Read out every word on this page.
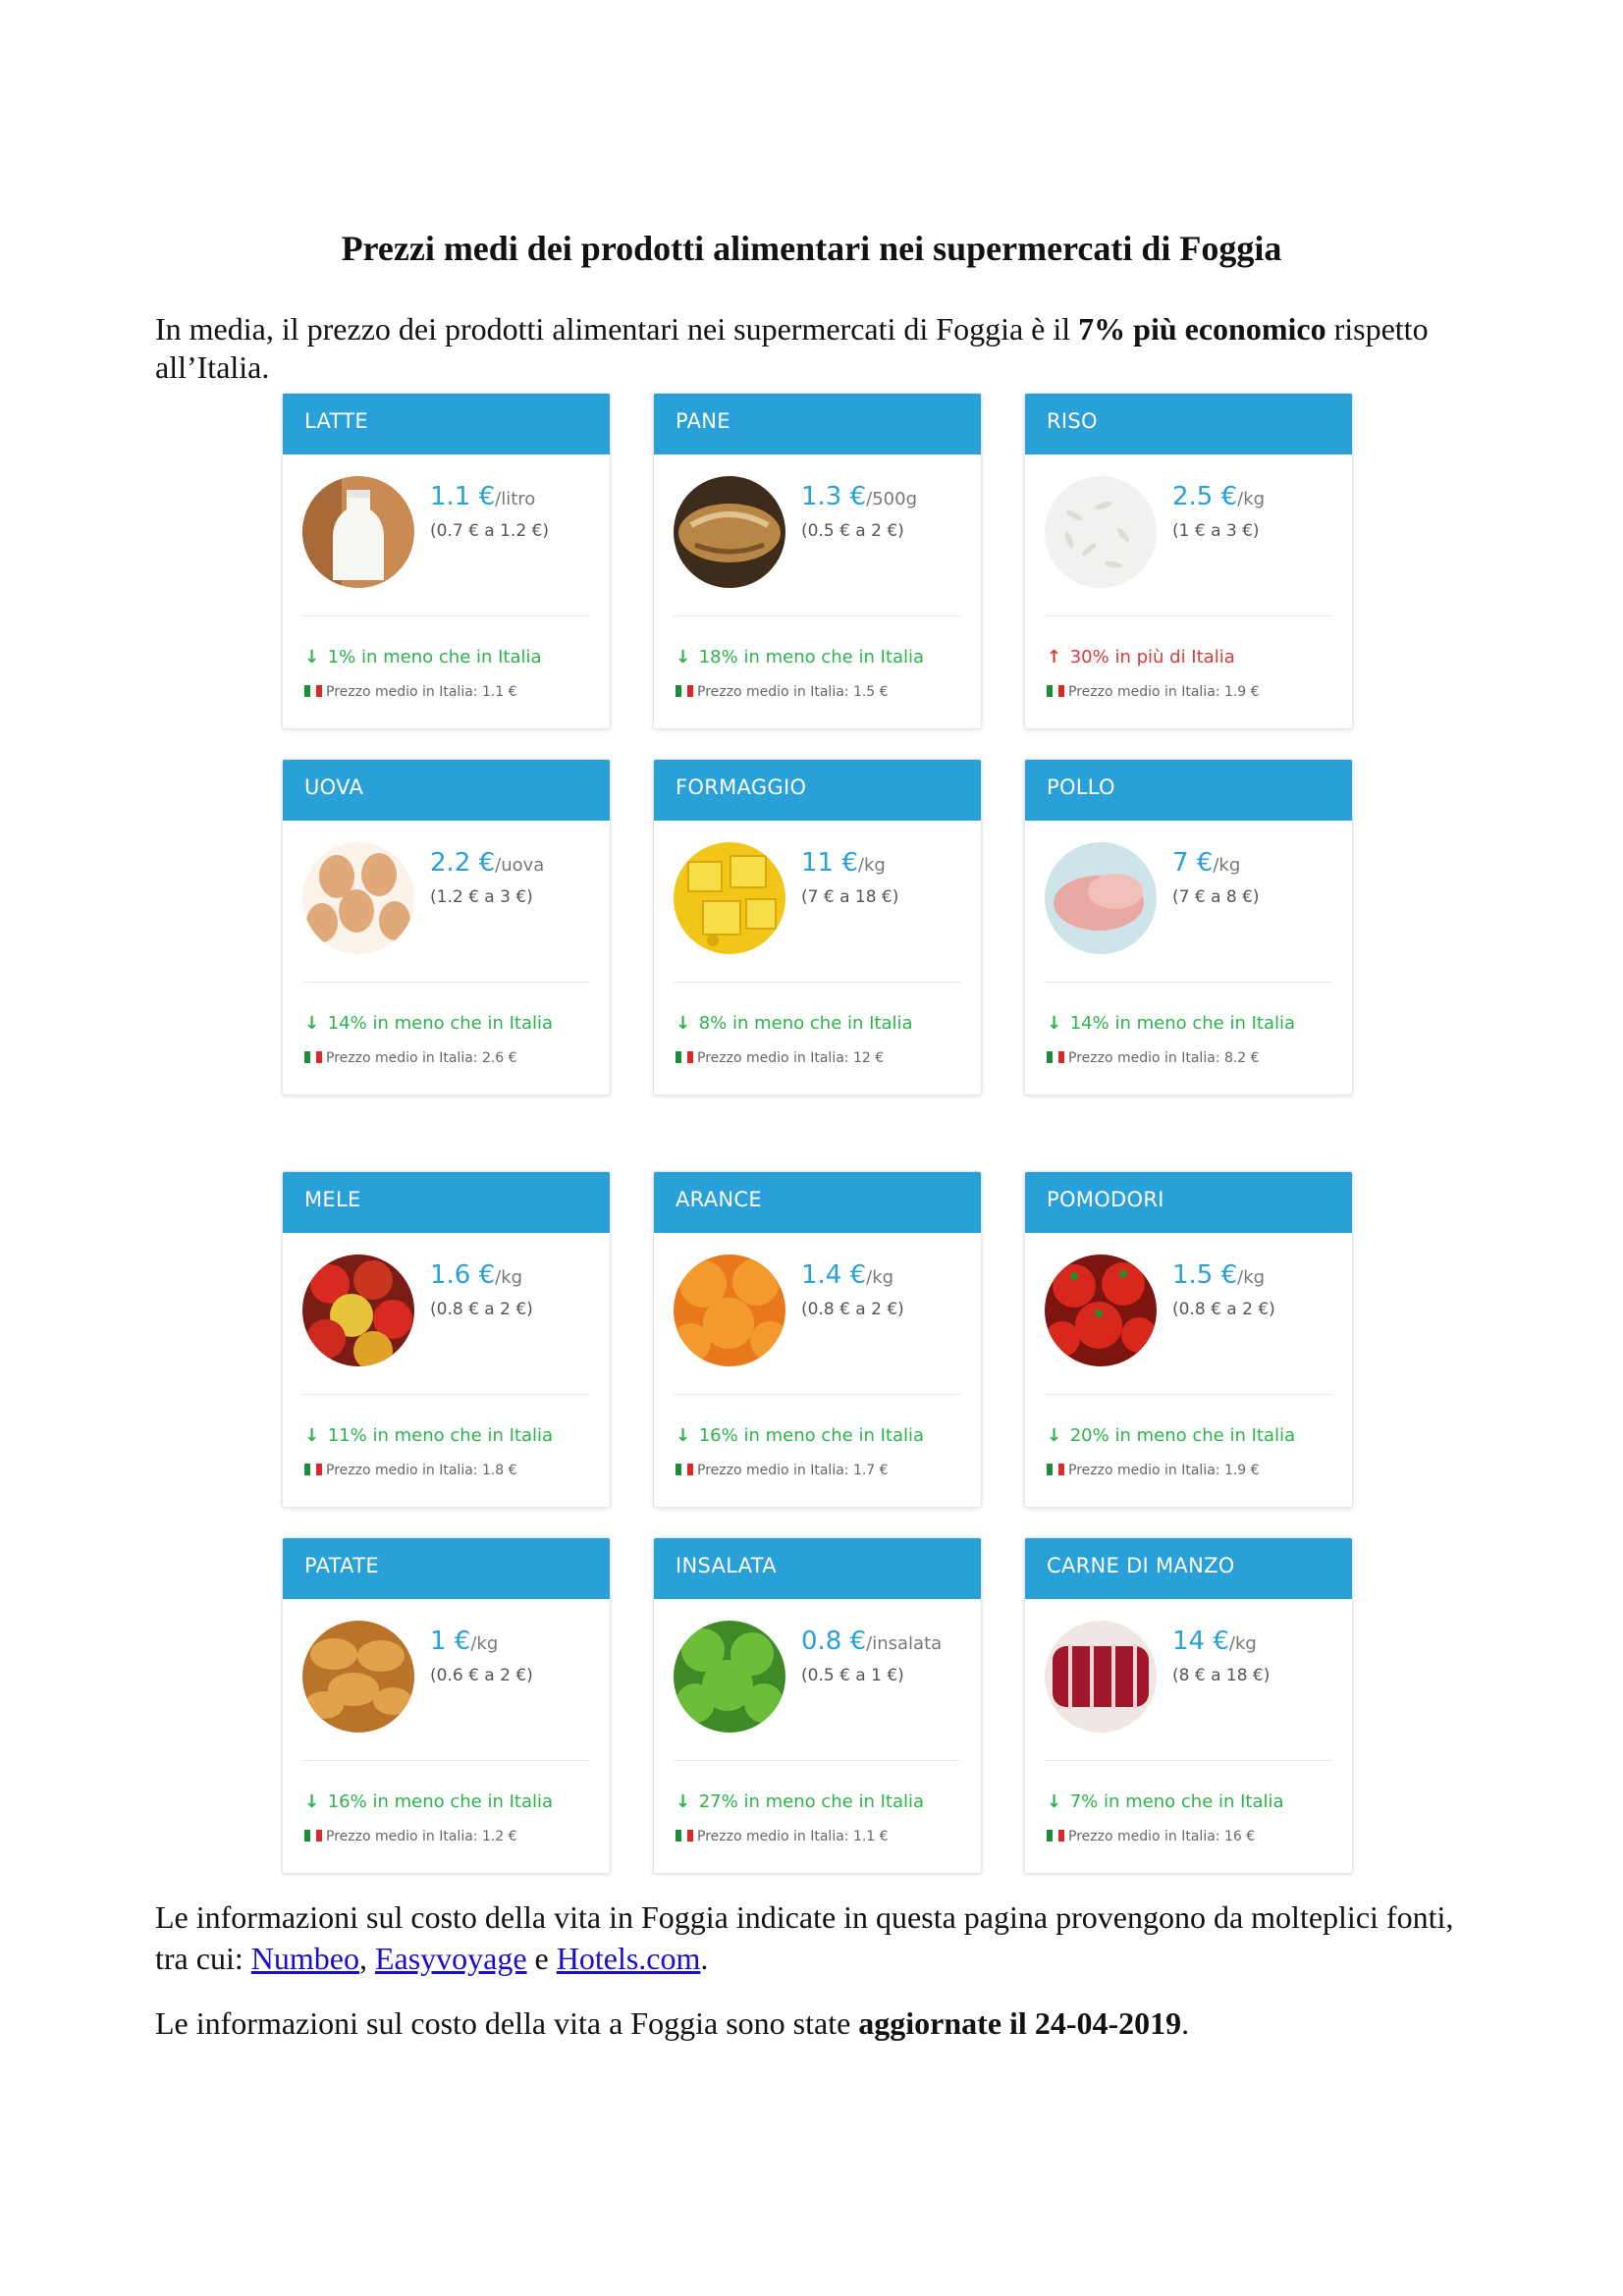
Prezzi medi dei prodotti alimentari nei supermercati di Foggia

In media, il prezzo dei prodotti alimentari nei supermercati di Foggia è il 7% più economico rispetto all’Italia.

LATTE
1.1 €/litro
(0.7 € a 1.2 €)
↓ 1% in meno che in Italia
Prezzo medio in Italia: 1.1 €
PANE
1.3 €/500g
(0.5 € a 2 €)
↓ 18% in meno che in Italia
Prezzo medio in Italia: 1.5 €
RISO
2.5 €/kg
(1 € a 3 €)
↑ 30% in più di Italia
Prezzo medio in Italia: 1.9 €
UOVA
2.2 €/uova
(1.2 € a 3 €)
↓ 14% in meno che in Italia
Prezzo medio in Italia: 2.6 €
FORMAGGIO
11 €/kg
(7 € a 18 €)
↓ 8% in meno che in Italia
Prezzo medio in Italia: 12 €
POLLO
7 €/kg
(7 € a 8 €)
↓ 14% in meno che in Italia
Prezzo medio in Italia: 8.2 €
MELE
1.6 €/kg
(0.8 € a 2 €)
↓ 11% in meno che in Italia
Prezzo medio in Italia: 1.8 €
ARANCE
1.4 €/kg
(0.8 € a 2 €)
↓ 16% in meno che in Italia
Prezzo medio in Italia: 1.7 €
POMODORI
1.5 €/kg
(0.8 € a 2 €)
↓ 20% in meno che in Italia
Prezzo medio in Italia: 1.9 €
PATATE
1 €/kg
(0.6 € a 2 €)
↓ 16% in meno che in Italia
Prezzo medio in Italia: 1.2 €
INSALATA
0.8 €/insalata
(0.5 € a 1 €)
↓ 27% in meno che in Italia
Prezzo medio in Italia: 1.1 €
CARNE DI MANZO
14 €/kg
(8 € a 18 €)
↓ 7% in meno che in Italia
Prezzo medio in Italia: 16 €

Le informazioni sul costo della vita in Foggia indicate in questa pagina provengono da molteplici fonti, tra cui: Numbeo, Easyvoyage e Hotels.com.

Le informazioni sul costo della vita a Foggia sono state aggiornate il 24-04-2019.
